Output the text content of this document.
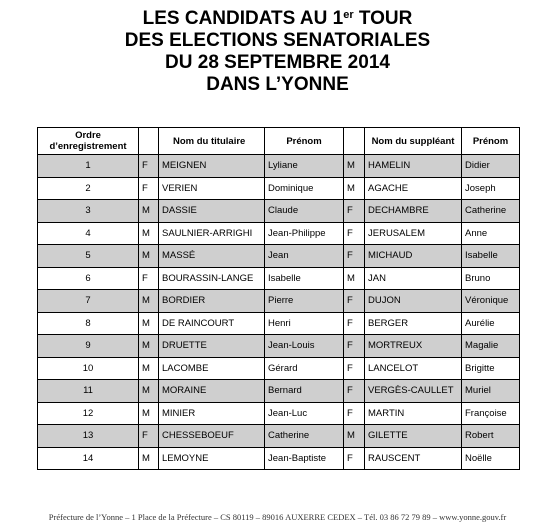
LES CANDIDATS AU 1er TOUR
DES ELECTIONS SENATORIALES
DU 28 SEPTEMBRE 2014
DANS L’YONNE
Ordre
d’enregistrement		Nom du titulaire	Prénom		Nom du suppléant	Prénom
1	F	MEIGNEN	Lyliane	M	HAMELIN	Didier
2	F	VERIEN	Dominique	M	AGACHE	Joseph
3	M	DASSIE	Claude	F	DECHAMBRE	Catherine
4	M	SAULNIER-ARRIGHI	Jean-Philippe	F	JERUSALEM	Anne
5	M	MASSÉ	Jean	F	MICHAUD	Isabelle
6	F	BOURASSIN-LANGE	Isabelle	M	JAN	Bruno
7	M	BORDIER	Pierre	F	DUJON	Véronique
8	M	DE RAINCOURT	Henri	F	BERGER	Aurélie
9	M	DRUETTE	Jean-Louis	F	MORTREUX	Magalie
10	M	LACOMBE	Gérard	F	LANCELOT	Brigitte
11	M	MORAINE	Bernard	F	VERGÈS-CAULLET	Muriel
12	M	MINIER	Jean-Luc	F	MARTIN	Françoise
13	F	CHESSEBOEUF	Catherine	M	GILETTE	Robert
14	M	LEMOYNE	Jean-Baptiste	F	RAUSCENT	Noëlle
Préfecture de l’Yonne – 1 Place de la Préfecture – CS 80119 – 89016 AUXERRE CEDEX – Tél. 03 86 72 79 89 – www.yonne.gouv.fr
